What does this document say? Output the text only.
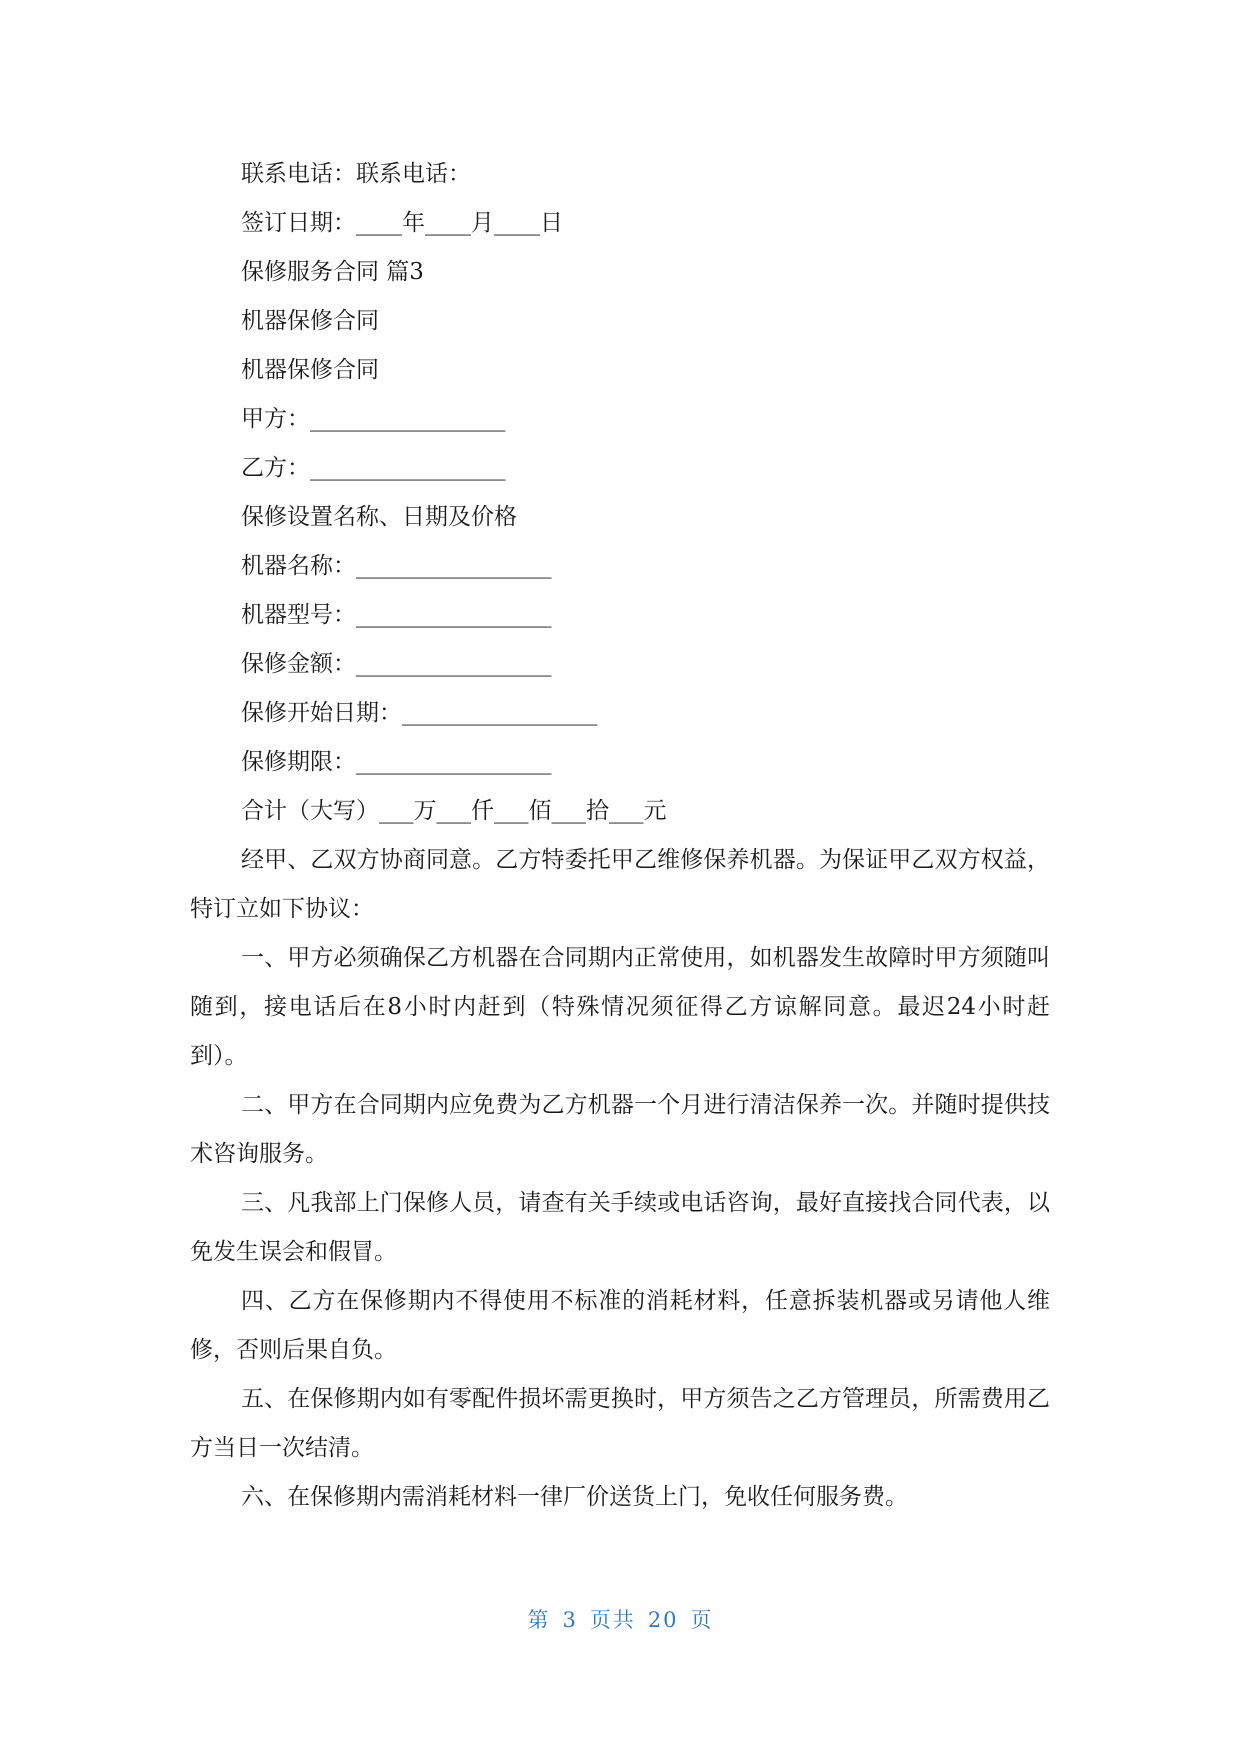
联系电话：联系电话：
签订日期：____年____月____日
保修服务合同 篇3
机器保修合同
机器保修合同
甲方：_________________
乙方：_________________
保修设置名称、日期及价格
机器名称：_________________
机器型号：_________________
保修金额：_________________
保修开始日期：_________________
保修期限：_________________
合计（大写）___万___仟___佰___拾___元

经甲、乙双方协商同意。乙方特委托甲乙维修保养机器。为保证甲乙双方权益，特订立如下协议：

一、甲方必须确保乙方机器在合同期内正常使用，如机器发生故障时甲方须随叫随到，接电话后在8小时内赶到（特殊情况须征得乙方谅解同意。最迟24小时赶到）。

二、甲方在合同期内应免费为乙方机器一个月进行清洁保养一次。并随时提供技术咨询服务。

三、凡我部上门保修人员，请查有关手续或电话咨询，最好直接找合同代表，以免发生误会和假冒。

四、乙方在保修期内不得使用不标准的消耗材料，任意拆装机器或另请他人维修，否则后果自负。

五、在保修期内如有零配件损坏需更换时，甲方须告之乙方管理员，所需费用乙方当日一次结清。

六、在保修期内需消耗材料一律厂价送货上门，免收任何服务费。

第 3 页共 20 页
